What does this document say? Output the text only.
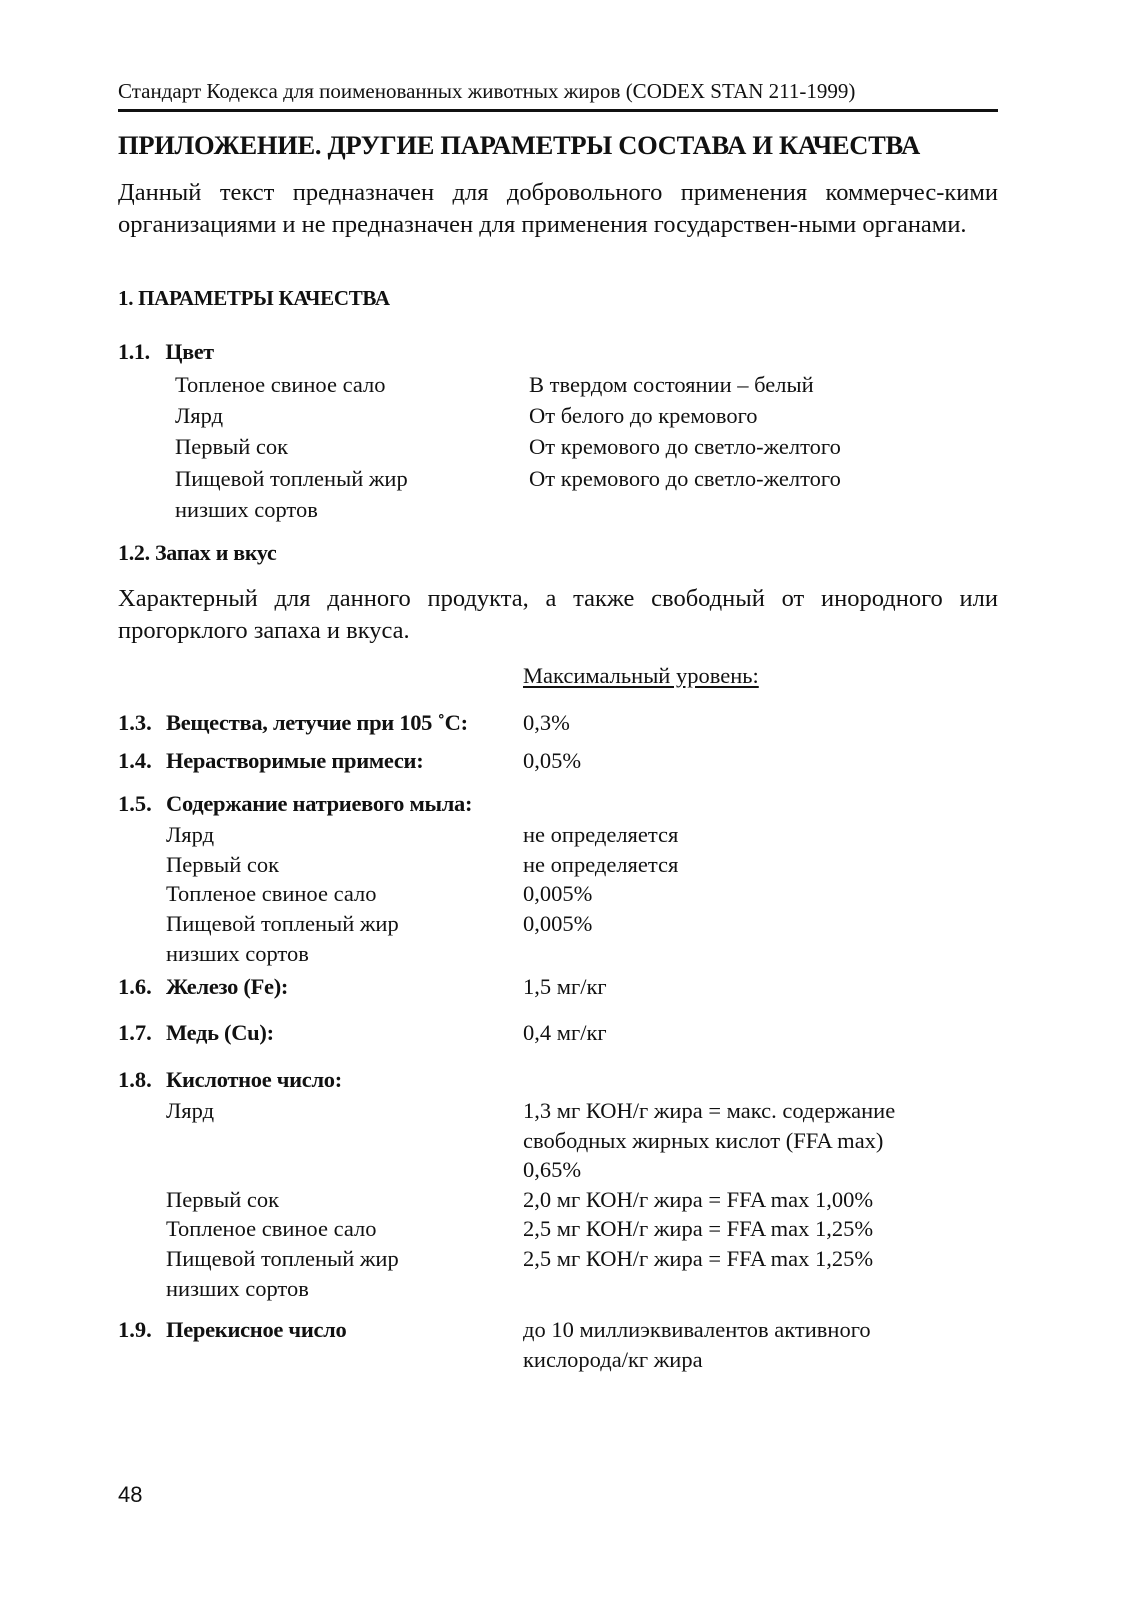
Стандарт Кодекса для поименованных животных жиров (CODEX STAN 211-1999)
ПРИЛОЖЕНИЕ. ДРУГИЕ ПАРАМЕТРЫ СОСТАВА И КАЧЕСТВА
Данный текст предназначен для добровольного применения коммерчес-кими организациями и не предназначен для применения государствен-ными органами.
1. ПАРАМЕТРЫ КАЧЕСТВА
1.1. Цвет
Топленое свиное сало	В твердом состоянии – белый
Лярд	От белого до кремового
Первый сок	От кремового до светло-желтого
Пищевой топленый жир	От кремового до светло-желтого
низших сортов
1.2. Запах и вкус
Характерный для данного продукта, а также свободный от инородного или прогорклого запаха и вкуса.
Максимальный уровень:
1.3. Вещества, летучие при 105 ˚С: 0,3%
1.4. Нерастворимые примеси:	0,05%
1.5. Содержание натриевого мыла:
Лярд	не определяется
Первый сок	не определяется
Топленое свиное сало	0,005%
Пищевой топленый жир	0,005%
низших сортов
1.6. Железо (Fe):	1,5 мг/кг
1.7. Медь (Cu):	0,4 мг/кг
1.8. Кислотное число:
Лярд	1,3 мг КОН/г жира = макс. содержание
свободных жирных кислот (FFA max)
0,65%
Первый сок	2,0 мг КОН/г жира = FFA max 1,00%
Топленое свиное сало	2,5 мг КОН/г жира = FFA max 1,25%
Пищевой топленый жир	2,5 мг КОН/г жира = FFA max 1,25%
низших сортов
1.9. Перекисное число	до 10 миллиэквивалентов активного
кислорода/кг жира
48
